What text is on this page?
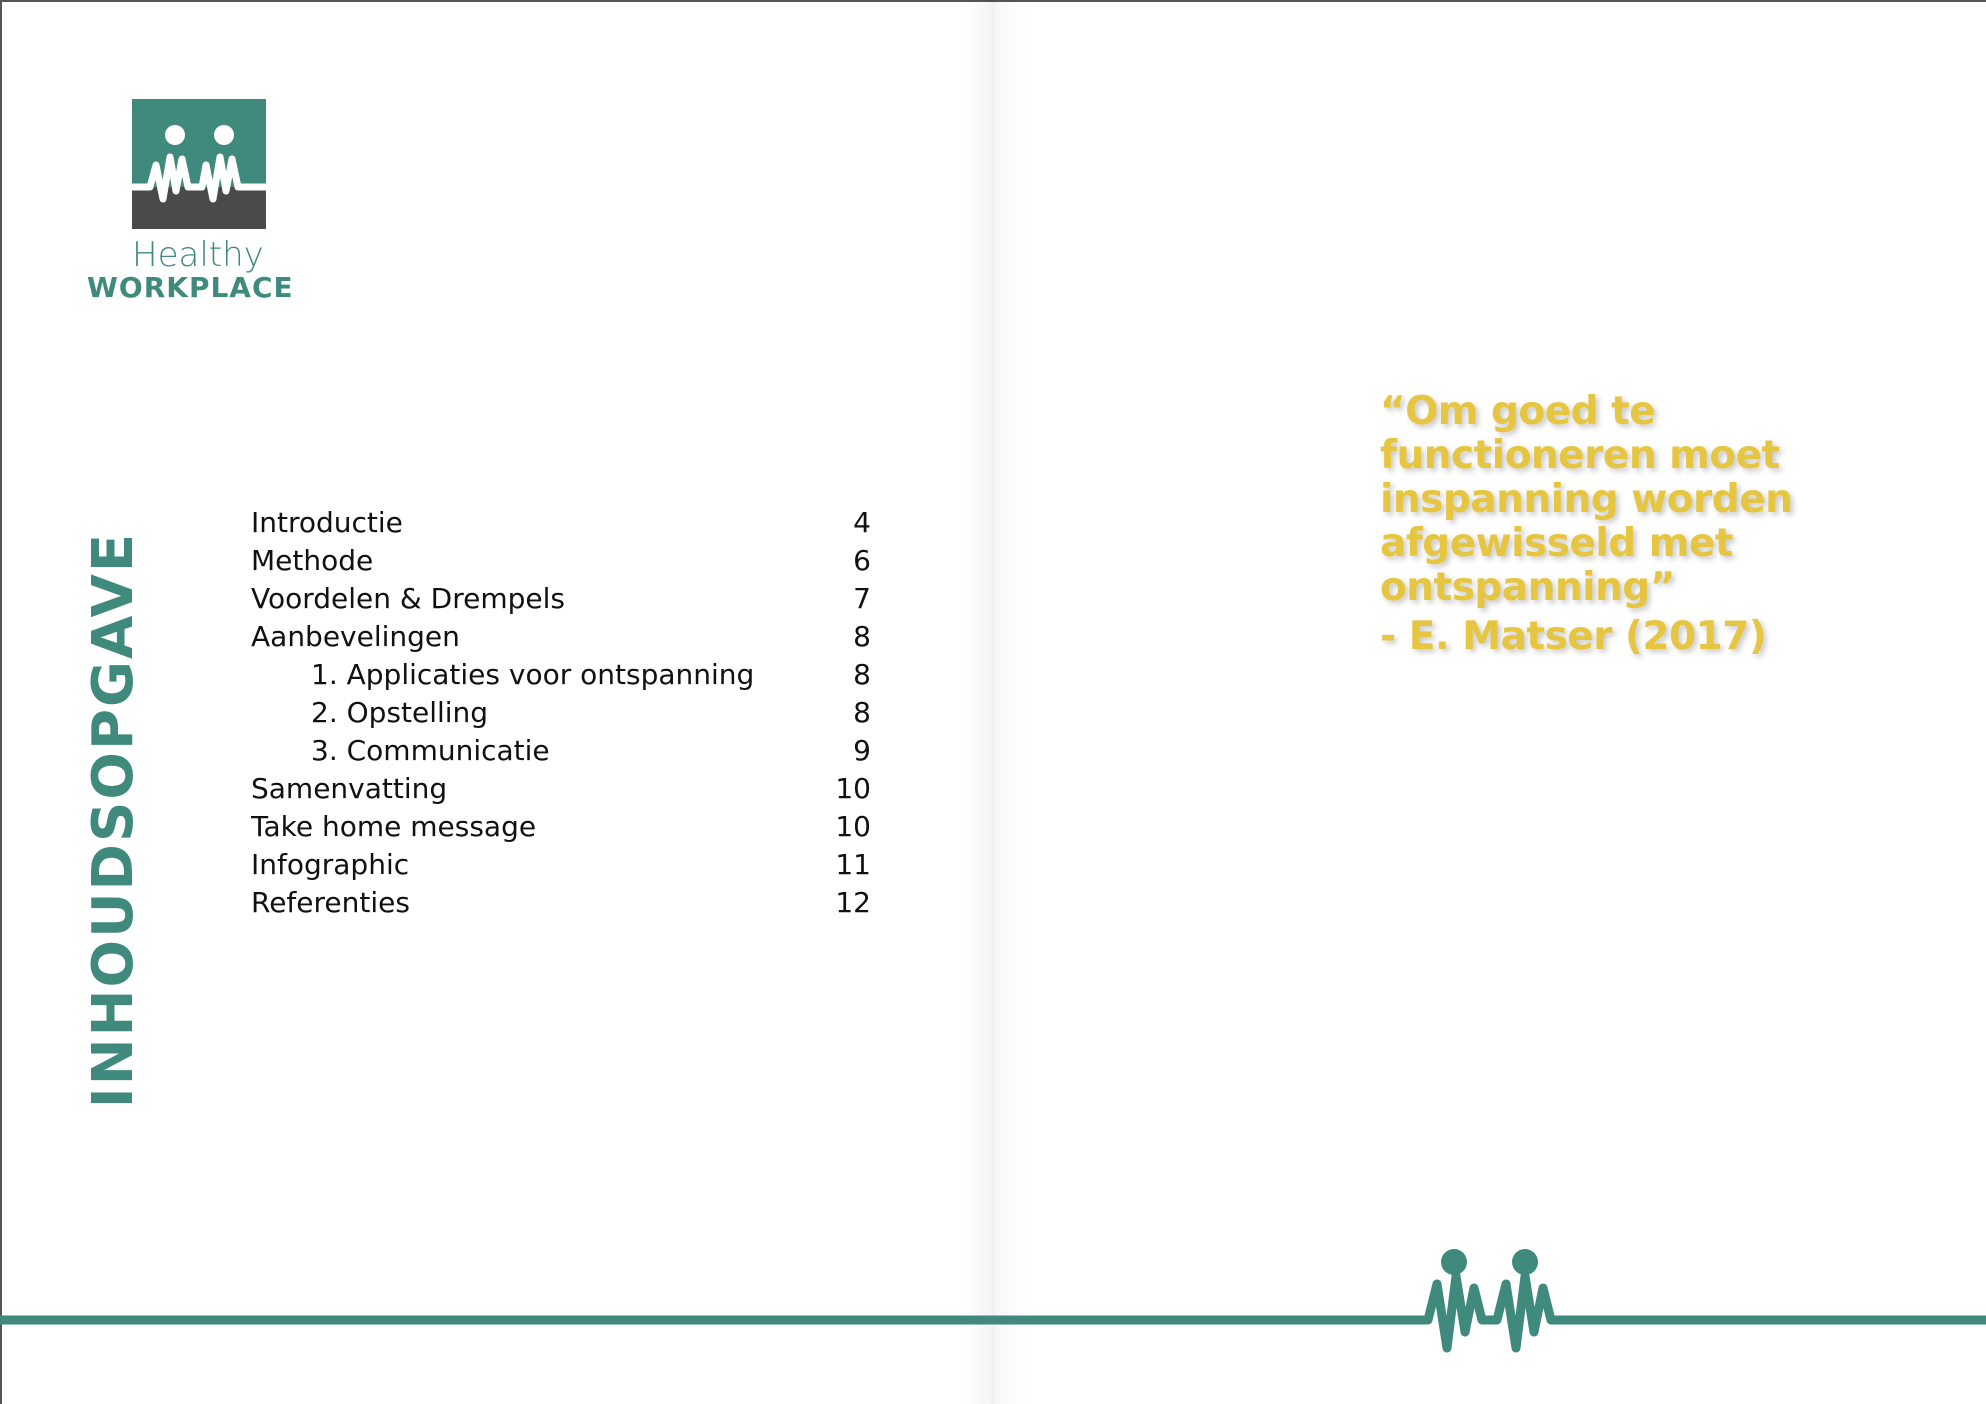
Healthy
WORKPLACE
INHOUDSOPGAVE
Introductie	4
Methode	6
Voordelen & Drempels	7
Aanbevelingen	8
1. Applicaties voor ontspanning	8
2. Opstelling	8
3. Communicatie	9
Samenvatting	10
Take home message	10
Infographic	11
Referenties	12
“Om goed te functioneren moet inspanning worden afgewisseld met ontspanning”
- E. Matser (2017)
